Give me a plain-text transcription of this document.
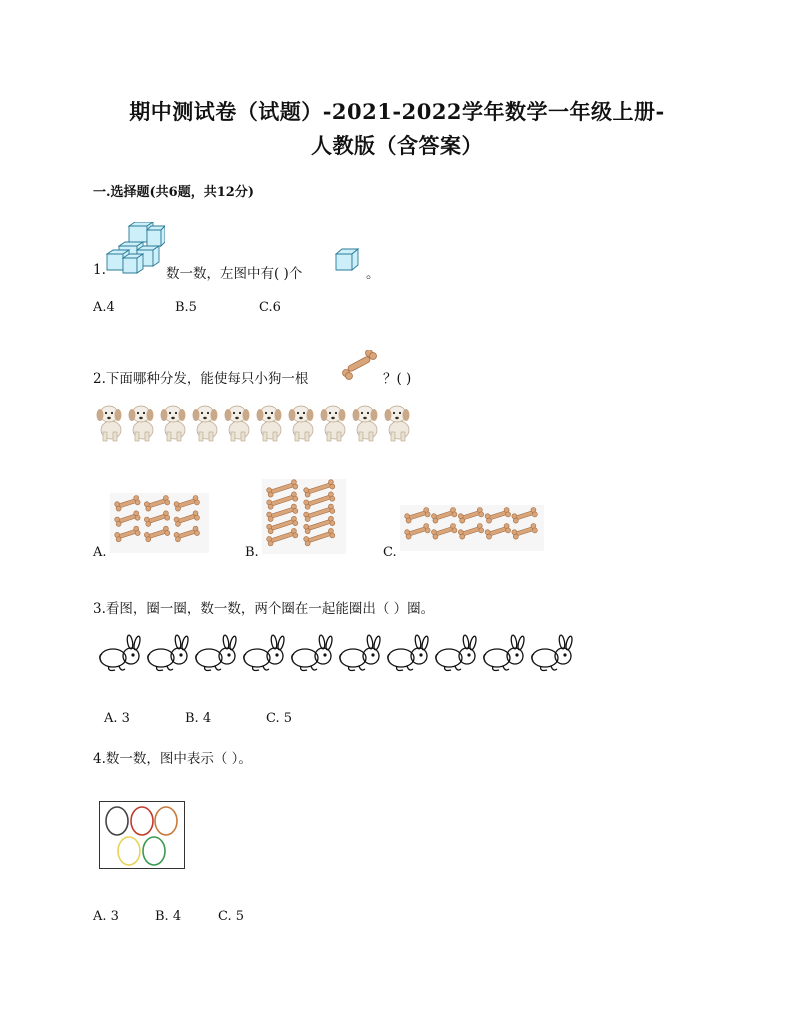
期中测试卷（试题）-2021-2022学年数学一年级上册-
人教版（含答案）
一.选择题(共6题，共12分)
1.	数一数，左图中有( )个	。
A.4	B.5	C.6
2.下面哪种分发，能使每只小狗一根	？( )
A.	B.	C.
3.看图，圈一圈，数一数，两个圈在一起能圈出（ ）圈。
A. 3	B. 4	C. 5
4.数一数，图中表示（ ）。
A. 3	B. 4	C. 5
